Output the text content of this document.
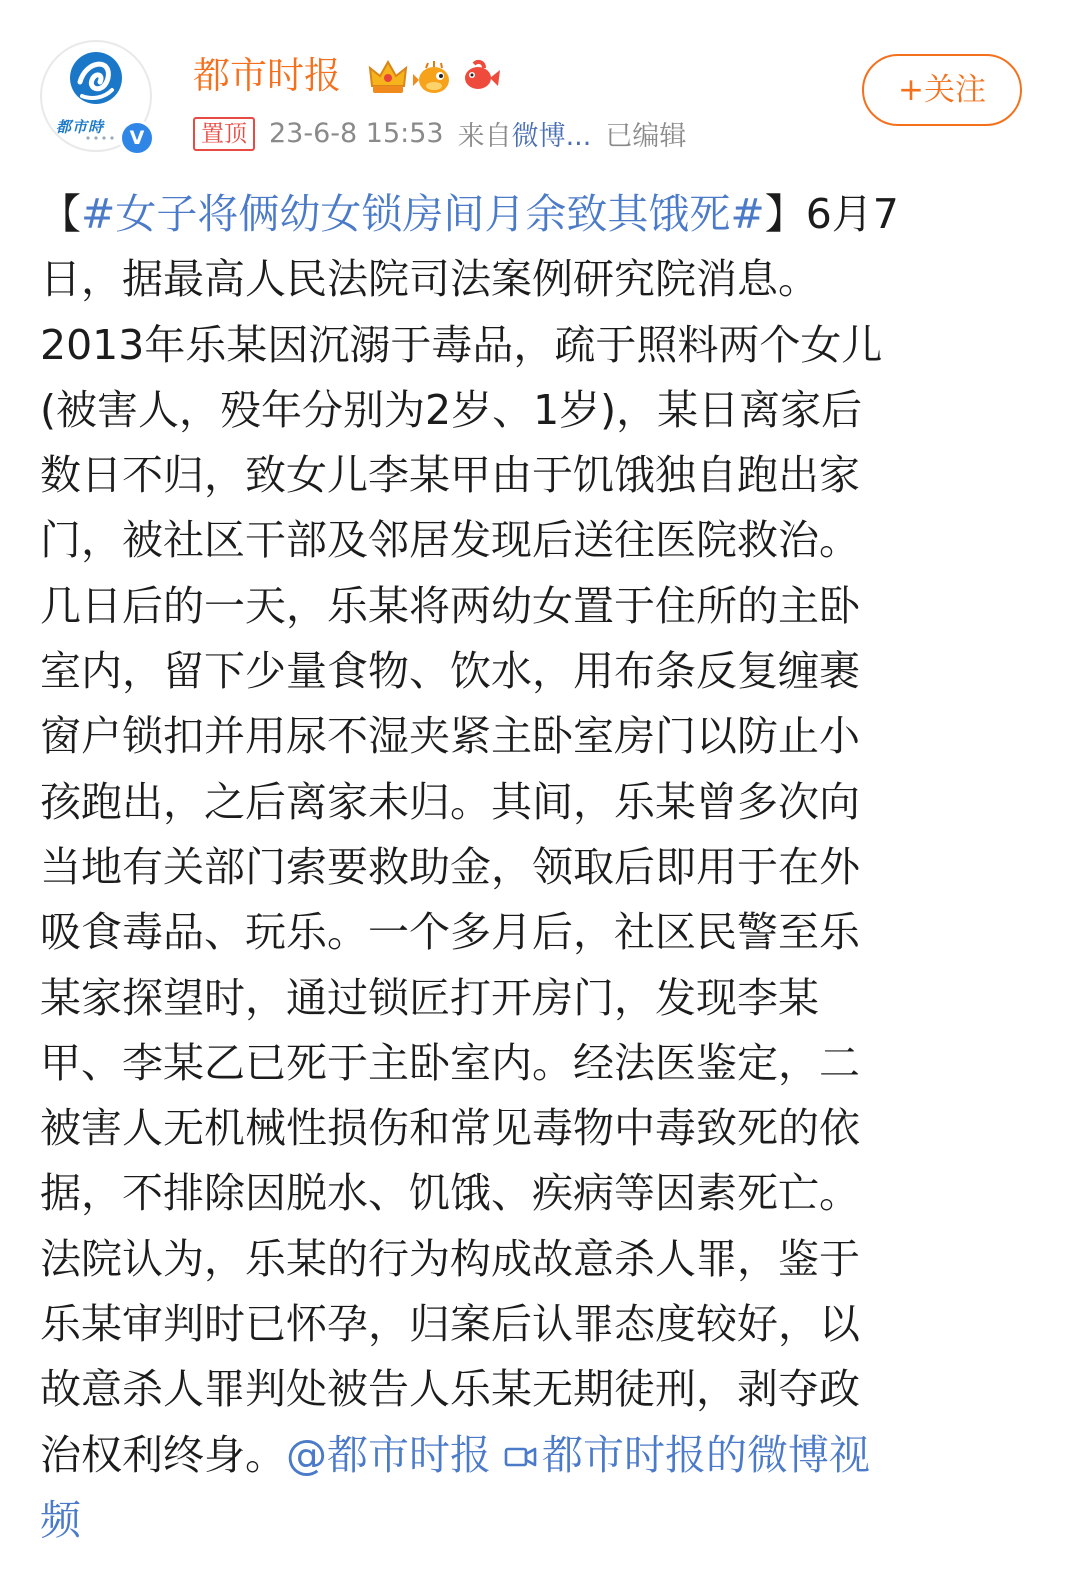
都市時	V
都市时报
置顶 23-6-8 15:53 来自微博... 已编辑
+关注
【#女子将俩幼女锁房间月余致其饿死#】6月7
日，据最高人民法院司法案例研究院消息。
2013年乐某因沉溺于毒品，疏于照料两个女儿
(被害人，殁年分别为2岁、1岁)，某日离家后
数日不归，致女儿李某甲由于饥饿独自跑出家
门，被社区干部及邻居发现后送往医院救治。
几日后的一天，乐某将两幼女置于住所的主卧
室内，留下少量食物、饮水，用布条反复缠裹
窗户锁扣并用尿不湿夹紧主卧室房门以防止小
孩跑出，之后离家未归。其间，乐某曾多次向
当地有关部门索要救助金，领取后即用于在外
吸食毒品、玩乐。一个多月后，社区民警至乐
某家探望时，通过锁匠打开房门，发现李某
甲、李某乙已死于主卧室内。经法医鉴定，二
被害人无机械性损伤和常见毒物中毒致死的依
据，不排除因脱水、饥饿、疾病等因素死亡。
法院认为，乐某的行为构成故意杀人罪，鉴于
乐某审判时已怀孕，归案后认罪态度较好，以
故意杀人罪判处被告人乐某无期徒刑，剥夺政
治权利终身。@都市时报 都市时报的微博视
频
